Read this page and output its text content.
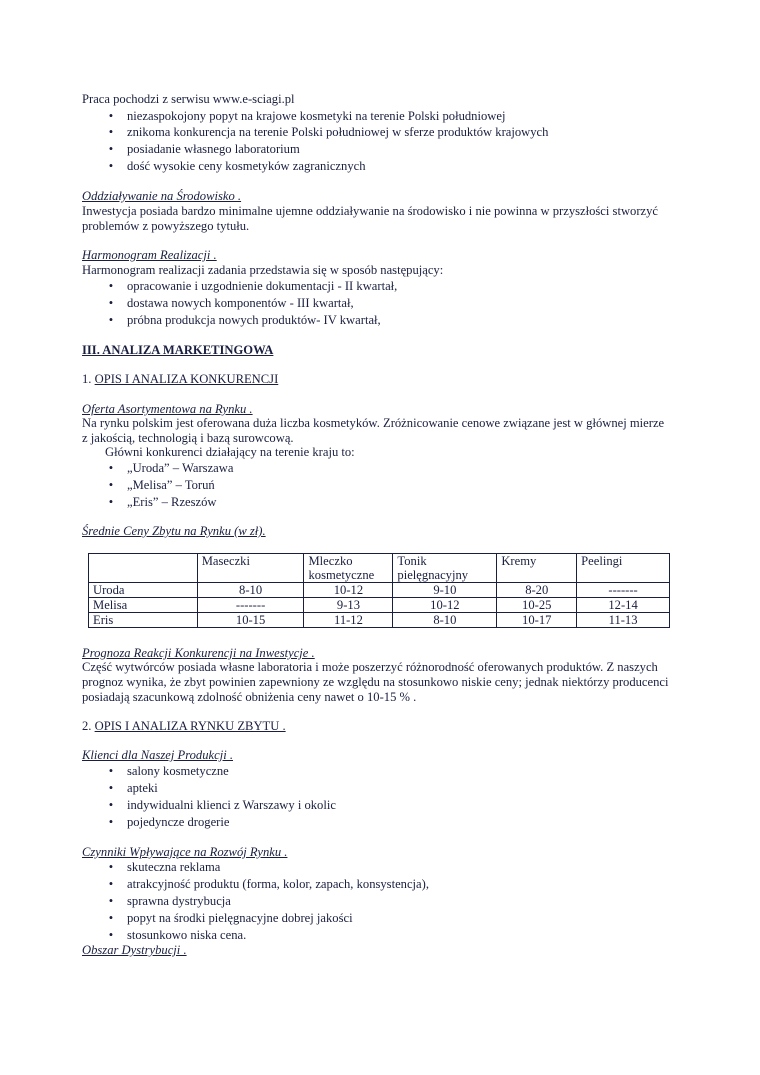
Praca pochodzi z serwisu www.e-sciagi.pl
• niezaspokojony popyt na krajowe kosmetyki na terenie Polski południowej
• znikoma konkurencja na terenie Polski południowej w sferze produktów krajowych
• posiadanie własnego laboratorium
• dość wysokie ceny kosmetyków zagranicznych
Oddziaływanie na Środowisko .
Inwestycja posiada bardzo minimalne ujemne oddziaływanie na środowisko i nie powinna w przyszłości stworzyć
problemów z powyższego tytułu.
Harmonogram Realizacji .
Harmonogram realizacji zadania przedstawia się w sposób następujący:
• opracowanie i uzgodnienie dokumentacji - II kwartał,
• dostawa nowych komponentów - III kwartał,
• próbna produkcja nowych produktów- IV kwartał,
III. ANALIZA MARKETINGOWA
1. OPIS I ANALIZA KONKURENCJI
Oferta Asortymentowa na Rynku .
Na rynku polskim jest oferowana duża liczba kosmetyków. Zróżnicowanie cenowe związane jest w głównej mierze
z jakością, technologią i bazą surowcową.
Główni konkurenci działający na terenie kraju to:
• „Uroda” – Warszawa
• „Melisa” – Toruń
• „Eris” – Rzeszów
Średnie Ceny Zbytu na Rynku (w zł).
	Maseczki	Mleczko
kosmetyczne	Tonik
pielęgnacyjny	Kremy	Peelingi

Uroda	8-10	10-12	9-10	8-20	-------
Melisa	-------	9-13	10-12	10-25	12-14
Eris	10-15	11-12	8-10	10-17	11-13
Prognoza Reakcji Konkurencji na Inwestycje .
Część wytwórców posiada własne laboratoria i może poszerzyć różnorodność oferowanych produktów. Z naszych
prognoz wynika, że zbyt powinien zapewniony ze względu na stosunkowo niskie ceny; jednak niektórzy producenci
posiadają szacunkową zdolność obniżenia ceny nawet o 10-15 % .
2. OPIS I ANALIZA RYNKU ZBYTU .
Klienci dla Naszej Produkcji .
• salony kosmetyczne
• apteki
• indywidualni klienci z Warszawy i okolic
• pojedyncze drogerie
Czynniki Wpływające na Rozwój Rynku .
• skuteczna reklama
• atrakcyjność produktu (forma, kolor, zapach, konsystencja),
• sprawna dystrybucja
• popyt na środki pielęgnacyjne dobrej jakości
• stosunkowo niska cena.
Obszar Dystrybucji .
